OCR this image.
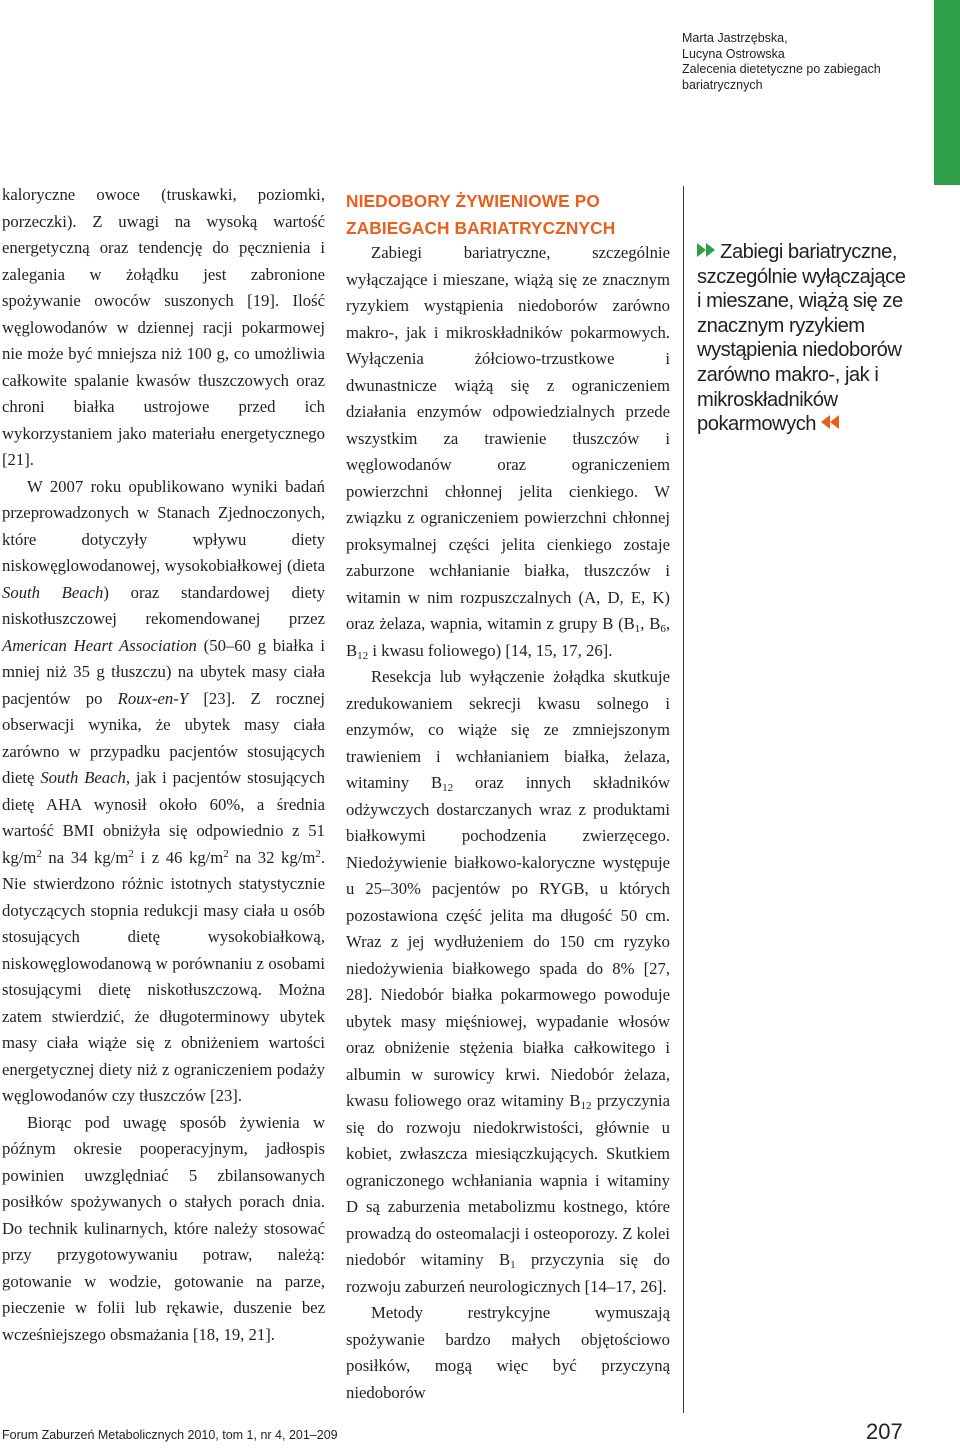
Marta Jastrzębska,
Lucyna Ostrowska
Zalecenia dietetyczne po zabiegach
bariatrycznych

kaloryczne owoce (truskawki, poziomki, porzeczki). Z uwagi na wysoką wartość energetyczną oraz tendencję do pęcznienia i zalegania w żołądku jest zabronione spożywanie owoców suszonych [19]. Ilość węglowodanów w dziennej racji pokarmowej nie może być mniejsza niż 100 g, co umożliwia całkowite spalanie kwasów tłuszczowych oraz chroni białka ustrojowe przed ich wykorzystaniem jako materiału energetycznego [21].

W 2007 roku opublikowano wyniki badań przeprowadzonych w Stanach Zjednoczonych, które dotyczyły wpływu diety niskowęglowodanowej, wysokobiałkowej (dieta South Beach) oraz standardowej diety niskotłuszczowej rekomendowanej przez American Heart Association (50–60 g białka i mniej niż 35 g tłuszczu) na ubytek masy ciała pacjentów po Roux-en-Y [23]. Z rocznej obserwacji wynika, że ubytek masy ciała zarówno w przypadku pacjentów stosujących dietę South Beach, jak i pacjentów stosujących dietę AHA wynosił około 60%, a średnia wartość BMI obniżyła się odpowiednio z 51 $kg/m^2$ na 34 $kg/m^2$ i z 46 $kg/m^2$ na 32 $kg/m^2$. Nie stwierdzono różnic istotnych statystycznie dotyczących stopnia redukcji masy ciała u osób stosujących dietę wysokobiałkową, niskowęglowodanową w porównaniu z osobami stosującymi dietę niskotłuszczową. Można zatem stwierdzić, że długoterminowy ubytek masy ciała wiąże się z obniżeniem wartości energetycznej diety niż z ograniczeniem podaży węglowodanów czy tłuszczów [23].

Biorąc pod uwagę sposób żywienia w późnym okresie pooperacyjnym, jadłospis powinien uwzględniać 5 zbilansowanych posiłków spożywanych o stałych porach dnia. Do technik kulinarnych, które należy stosować przy przygotowywaniu potraw, należą: gotowanie w wodzie, gotowanie na parze, pieczenie w folii lub rękawie, duszenie bez wcześniejszego obsmażania [18, 19, 21].

NIEDOBORY ŻYWIENIOWE PO ZABIEGACH BARIATRYCZNYCH

Zabiegi bariatryczne, szczególnie wyłączające i mieszane, wiążą się ze znacznym ryzykiem wystąpienia niedoborów zarówno makro-, jak i mikroskładników pokarmowych. Wyłączenia żółciowo-trzustkowe i dwunastnicze wiążą się z ograniczeniem działania enzymów odpowiedzialnych przede wszystkim za trawienie tłuszczów i węglowodanów oraz ograniczeniem powierzchni chłonnej jelita cienkiego. W związku z ograniczeniem powierzchni chłonnej proksymalnej części jelita cienkiego zostaje zaburzone wchłanianie białka, tłuszczów i witamin w nim rozpuszczalnych (A, D, E, K) oraz żelaza, wapnia, witamin z grupy B ($B_1$, $B_6$, $B_{12}$ i kwasu foliowego) [14, 15, 17, 26].

Resekcja lub wyłączenie żołądka skutkuje zredukowaniem sekrecji kwasu solnego i enzymów, co wiąże się ze zmniejszonym trawieniem i wchłanianiem białka, żelaza, witaminy $B_{12}$ oraz innych składników odżywczych dostarczanych wraz z produktami białkowymi pochodzenia zwierzęcego. Niedożywienie białkowo-kaloryczne występuje u 25–30% pacjentów po RYGB, u których pozostawiona część jelita ma długość 50 cm. Wraz z jej wydłużeniem do 150 cm ryzyko niedożywienia białkowego spada do 8% [27, 28]. Niedobór białka pokarmowego powoduje ubytek masy mięśniowej, wypadanie włosów oraz obniżenie stężenia białka całkowitego i albumin w surowicy krwi. Niedobór żelaza, kwasu foliowego oraz witaminy $B_{12}$ przyczynia się do rozwoju niedokrwistości, głównie u kobiet, zwłaszcza miesiączkujących. Skutkiem ograniczonego wchłaniania wapnia i witaminy D są zaburzenia metabolizmu kostnego, które prowadzą do osteomalacji i osteoporozy. Z kolei niedobór witaminy $B_1$ przyczynia się do rozwoju zaburzeń neurologicznych [14–17, 26].

Metody restrykcyjne wymuszają spożywanie bardzo małych objętościowo posiłków, mogą więc być przyczyną niedoborów

Zabiegi bariatryczne, szczególnie wyłączające i mieszane, wiążą się ze znacznym ryzykiem wystąpienia niedoborów zarówno makro-, jak i mikroskładników pokarmowych
Forum Zaburzeń Metabolicznych 2010, tom 1, nr 4, 201–209	207
